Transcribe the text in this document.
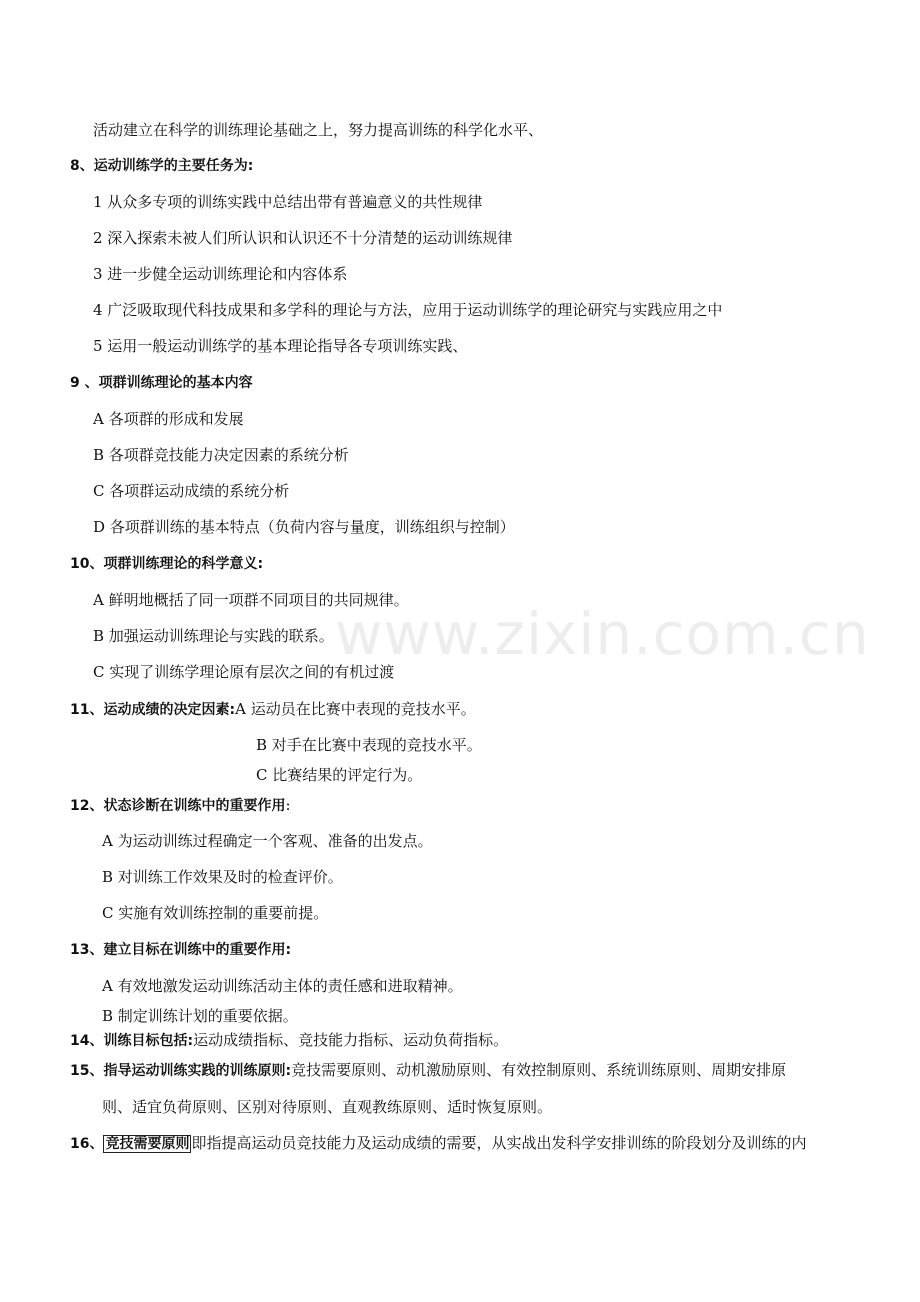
www.zixin.com.cn
活动建立在科学的训练理论基础之上，努力提高训练的科学化水平、
8、运动训练学的主要任务为:
1 从众多专项的训练实践中总结出带有普遍意义的共性规律
2 深入探索未被人们所认识和认识还不十分清楚的运动训练规律
3 进一步健全运动训练理论和内容体系
4 广泛吸取现代科技成果和多学科的理论与方法，应用于运动训练学的理论研究与实践应用之中
5 运用一般运动训练学的基本理论指导各专项训练实践、
9 、项群训练理论的基本内容
A 各项群的形成和发展
B 各项群竞技能力决定因素的系统分析
C 各项群运动成绩的系统分析
D 各项群训练的基本特点（负荷内容与量度，训练组织与控制）
10、项群训练理论的科学意义:
A 鲜明地概括了同一项群不同项目的共同规律。
B 加强运动训练理论与实践的联系。
C 实现了训练学理论原有层次之间的有机过渡
11、运动成绩的决定因素:A 运动员在比赛中表现的竞技水平。
B 对手在比赛中表现的竞技水平。
C 比赛结果的评定行为。
12、状态诊断在训练中的重要作用:
A 为运动训练过程确定一个客观、准备的出发点。
B 对训练工作效果及时的检查评价。
C 实施有效训练控制的重要前提。
13、建立目标在训练中的重要作用:
A 有效地激发运动训练活动主体的责任感和进取精神。
B 制定训练计划的重要依据。
14、训练目标包括:运动成绩指标、竞技能力指标、运动负荷指标。
15、指导运动训练实践的训练原则:竞技需要原则、动机激励原则、有效控制原则、系统训练原则、周期安排原
则、适宜负荷原则、区别对待原则、直观教练原则、适时恢复原则。
16、 竞技需要原则 即指提高运动员竞技能力及运动成绩的需要，从实战出发科学安排训练的阶段划分及训练的内
